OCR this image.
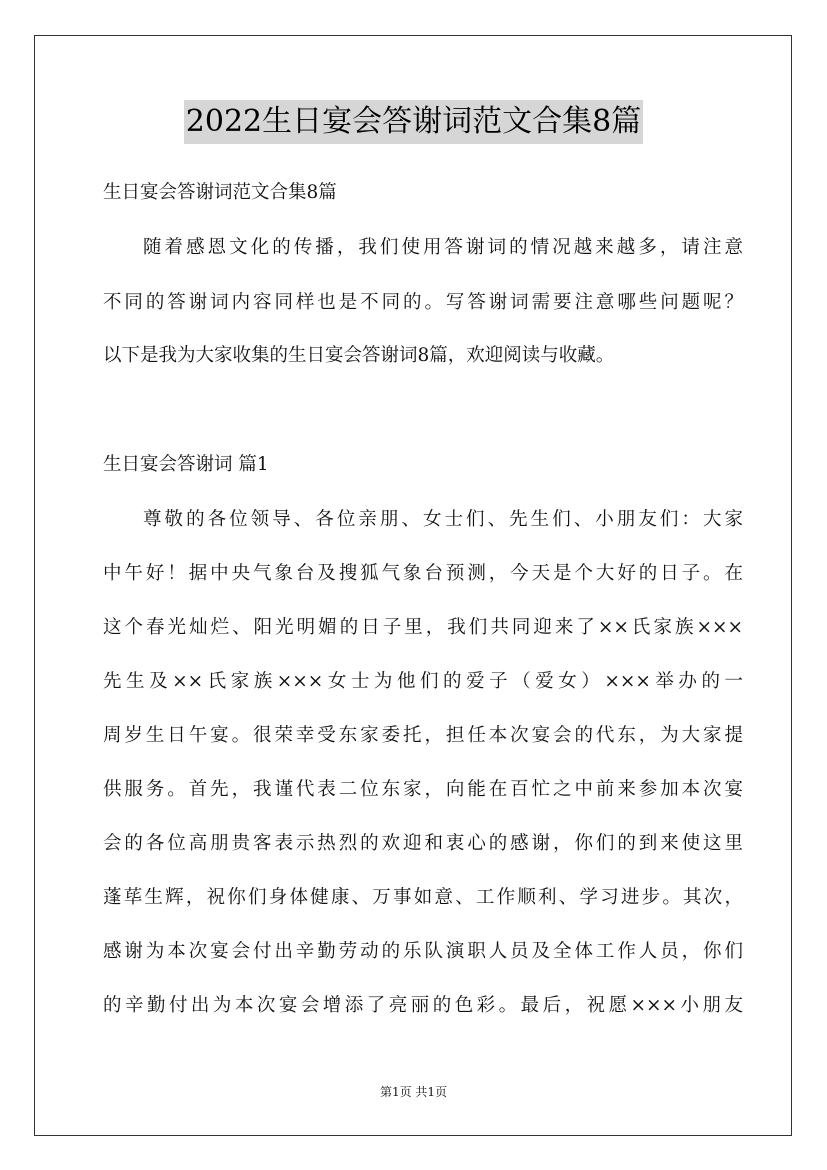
2022生日宴会答谢词范文合集8篇
生日宴会答谢词范文合集8篇
随着感恩文化的传播，我们使用答谢词的情况越来越多，请注意
不同的答谢词内容同样也是不同的。写答谢词需要注意哪些问题呢？
以下是我为大家收集的生日宴会答谢词8篇，欢迎阅读与收藏。
生日宴会答谢词 篇1
尊敬的各位领导、各位亲朋、女士们、先生们、小朋友们：大家
中午好！据中央气象台及搜狐气象台预测，今天是个大好的日子。在
这个春光灿烂、阳光明媚的日子里，我们共同迎来了××氏家族×××
先生及××氏家族×××女士为他们的爱子（爱女）×××举办的一
周岁生日午宴。很荣幸受东家委托，担任本次宴会的代东，为大家提
供服务。首先，我谨代表二位东家，向能在百忙之中前来参加本次宴
会的各位高朋贵客表示热烈的欢迎和衷心的感谢，你们的到来使这里
蓬荜生辉，祝你们身体健康、万事如意、工作顺利、学习进步。其次，
感谢为本次宴会付出辛勤劳动的乐队演职人员及全体工作人员，你们
的辛勤付出为本次宴会增添了亮丽的色彩。最后，祝愿×××小朋友
第1页 共1页
